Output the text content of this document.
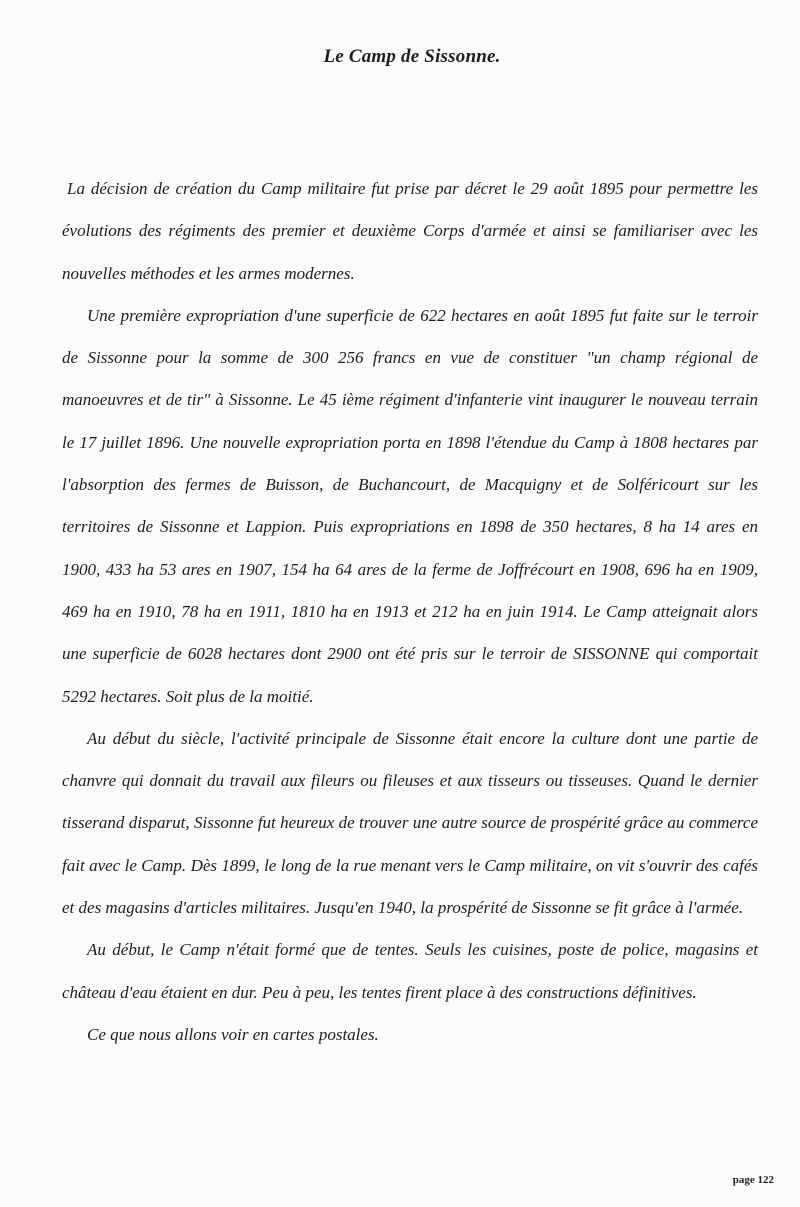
Le Camp de Sissonne.

La décision de création du Camp militaire fut prise par décret le 29 août 1895 pour permettre les évolutions des régiments des premier et deuxième Corps d'armée et ainsi se familiariser avec les nouvelles méthodes et les armes modernes.

Une première expropriation d'une superficie de 622 hectares en août 1895 fut faite sur le terroir de Sissonne pour la somme de 300 256 francs en vue de constituer "un champ régional de manoeuvres et de tir" à Sissonne. Le 45 ième régiment d'infanterie vint inaugurer le nouveau terrain le 17 juillet 1896. Une nouvelle expropriation porta en 1898 l'étendue du Camp à 1808 hectares par l'absorption des fermes de Buisson, de Buchancourt, de Macquigny et de Solféricourt sur les territoires de Sissonne et Lappion. Puis expropriations en 1898 de 350 hectares, 8 ha 14 ares en 1900, 433 ha 53 ares en 1907, 154 ha 64 ares de la ferme de Joffrécourt en 1908, 696 ha en 1909, 469 ha en 1910, 78 ha en 1911, 1810 ha en 1913 et 212 ha en juin 1914. Le Camp atteignait alors une superficie de 6028 hectares dont 2900 ont été pris sur le terroir de SISSONNE qui comportait 5292 hectares. Soit plus de la moitié.

Au début du siècle, l'activité principale de Sissonne était encore la culture dont une partie de chanvre qui donnait du travail aux fileurs ou fileuses et aux tisseurs ou tisseuses. Quand le dernier tisserand disparut, Sissonne fut heureux de trouver une autre source de prospérité grâce au commerce fait avec le Camp. Dès 1899, le long de la rue menant vers le Camp militaire, on vit s'ouvrir des cafés et des magasins d'articles militaires. Jusqu'en 1940, la prospérité de Sissonne se fit grâce à l'armée.

Au début, le Camp n'était formé que de tentes. Seuls les cuisines, poste de police, magasins et château d'eau étaient en dur. Peu à peu, les tentes firent place à des constructions définitives.

Ce que nous allons voir en cartes postales.

page 122
